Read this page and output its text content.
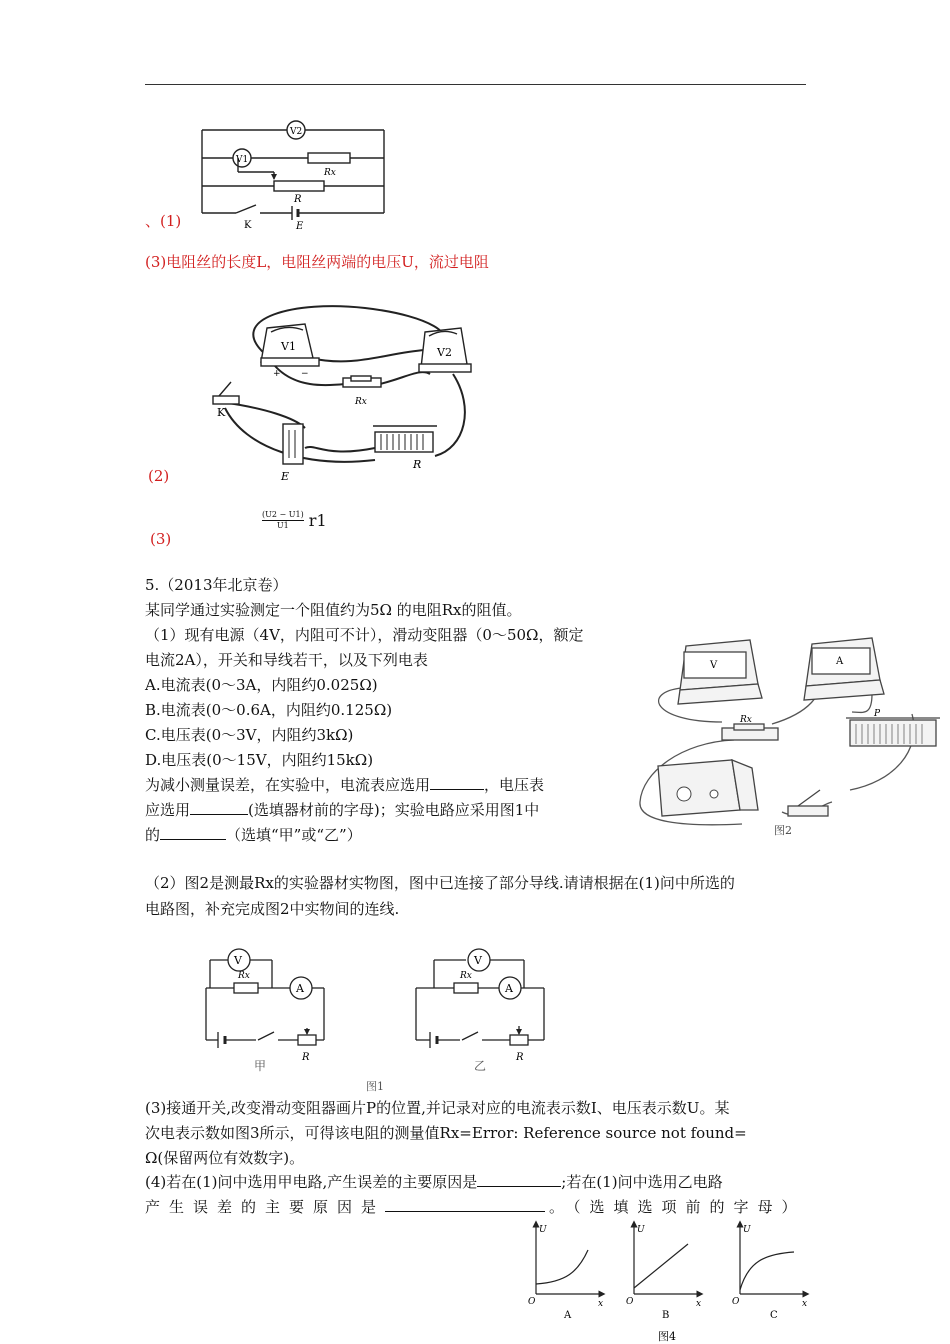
V2
V1
Rx
R
K	E
、(1)
(3)电阻丝的长度L，电阻丝两端的电压U，流过电阻
V1	V2
Rx
K
E
R
+ −
(2)
(3)
$\frac{(U2 - U1)}{U1} r1$
5.（2013年北京卷）
某同学通过实验测定一个阻值约为5Ω 的电阻Rx的阻值。
（1）现有电源（4V，内阻可不计），滑动变阻器（0～50Ω，额定
电流2A），开关和导线若干，以及下列电表
A.电流表(0～3A，内阻约0.025Ω)
B.电流表(0～0.6A，内阻约0.125Ω)
C.电压表(0～3V，内阻约3kΩ)
D.电压表(0～15V，内阻约15kΩ)
为减小测量误差，在实验中，电流表应选用	，电压表
应选用	(选填器材前的字母)；实验电路应采用图1中
的	（选填“甲”或“乙”）
V	A
Rx
P
图2
（2）图2是测最Rx的实验器材实物图，图中已连接了部分导线.请请根据在(1)问中所选的
电路图，补充完成图2中实物间的连线.
V
A
Rx
R
甲
V
A
Rx
R
乙
图1
(3)接通开关,改变滑动变阻器画片P的位置,并记录对应的电流表示数I、电压表示数U。某
次电表示数如图3所示，可得该电阻的测量值Rx=Error: Reference source not found=
Ω(保留两位有效数字)。
(4)若在(1)问中选用甲电路,产生误差的主要原因是	;若在(1)问中选用乙电路
产生误差的主要原因是	。（选填选项前的字母）
U	U	U
O	O	O
x	x	x
A	B	C
图4
